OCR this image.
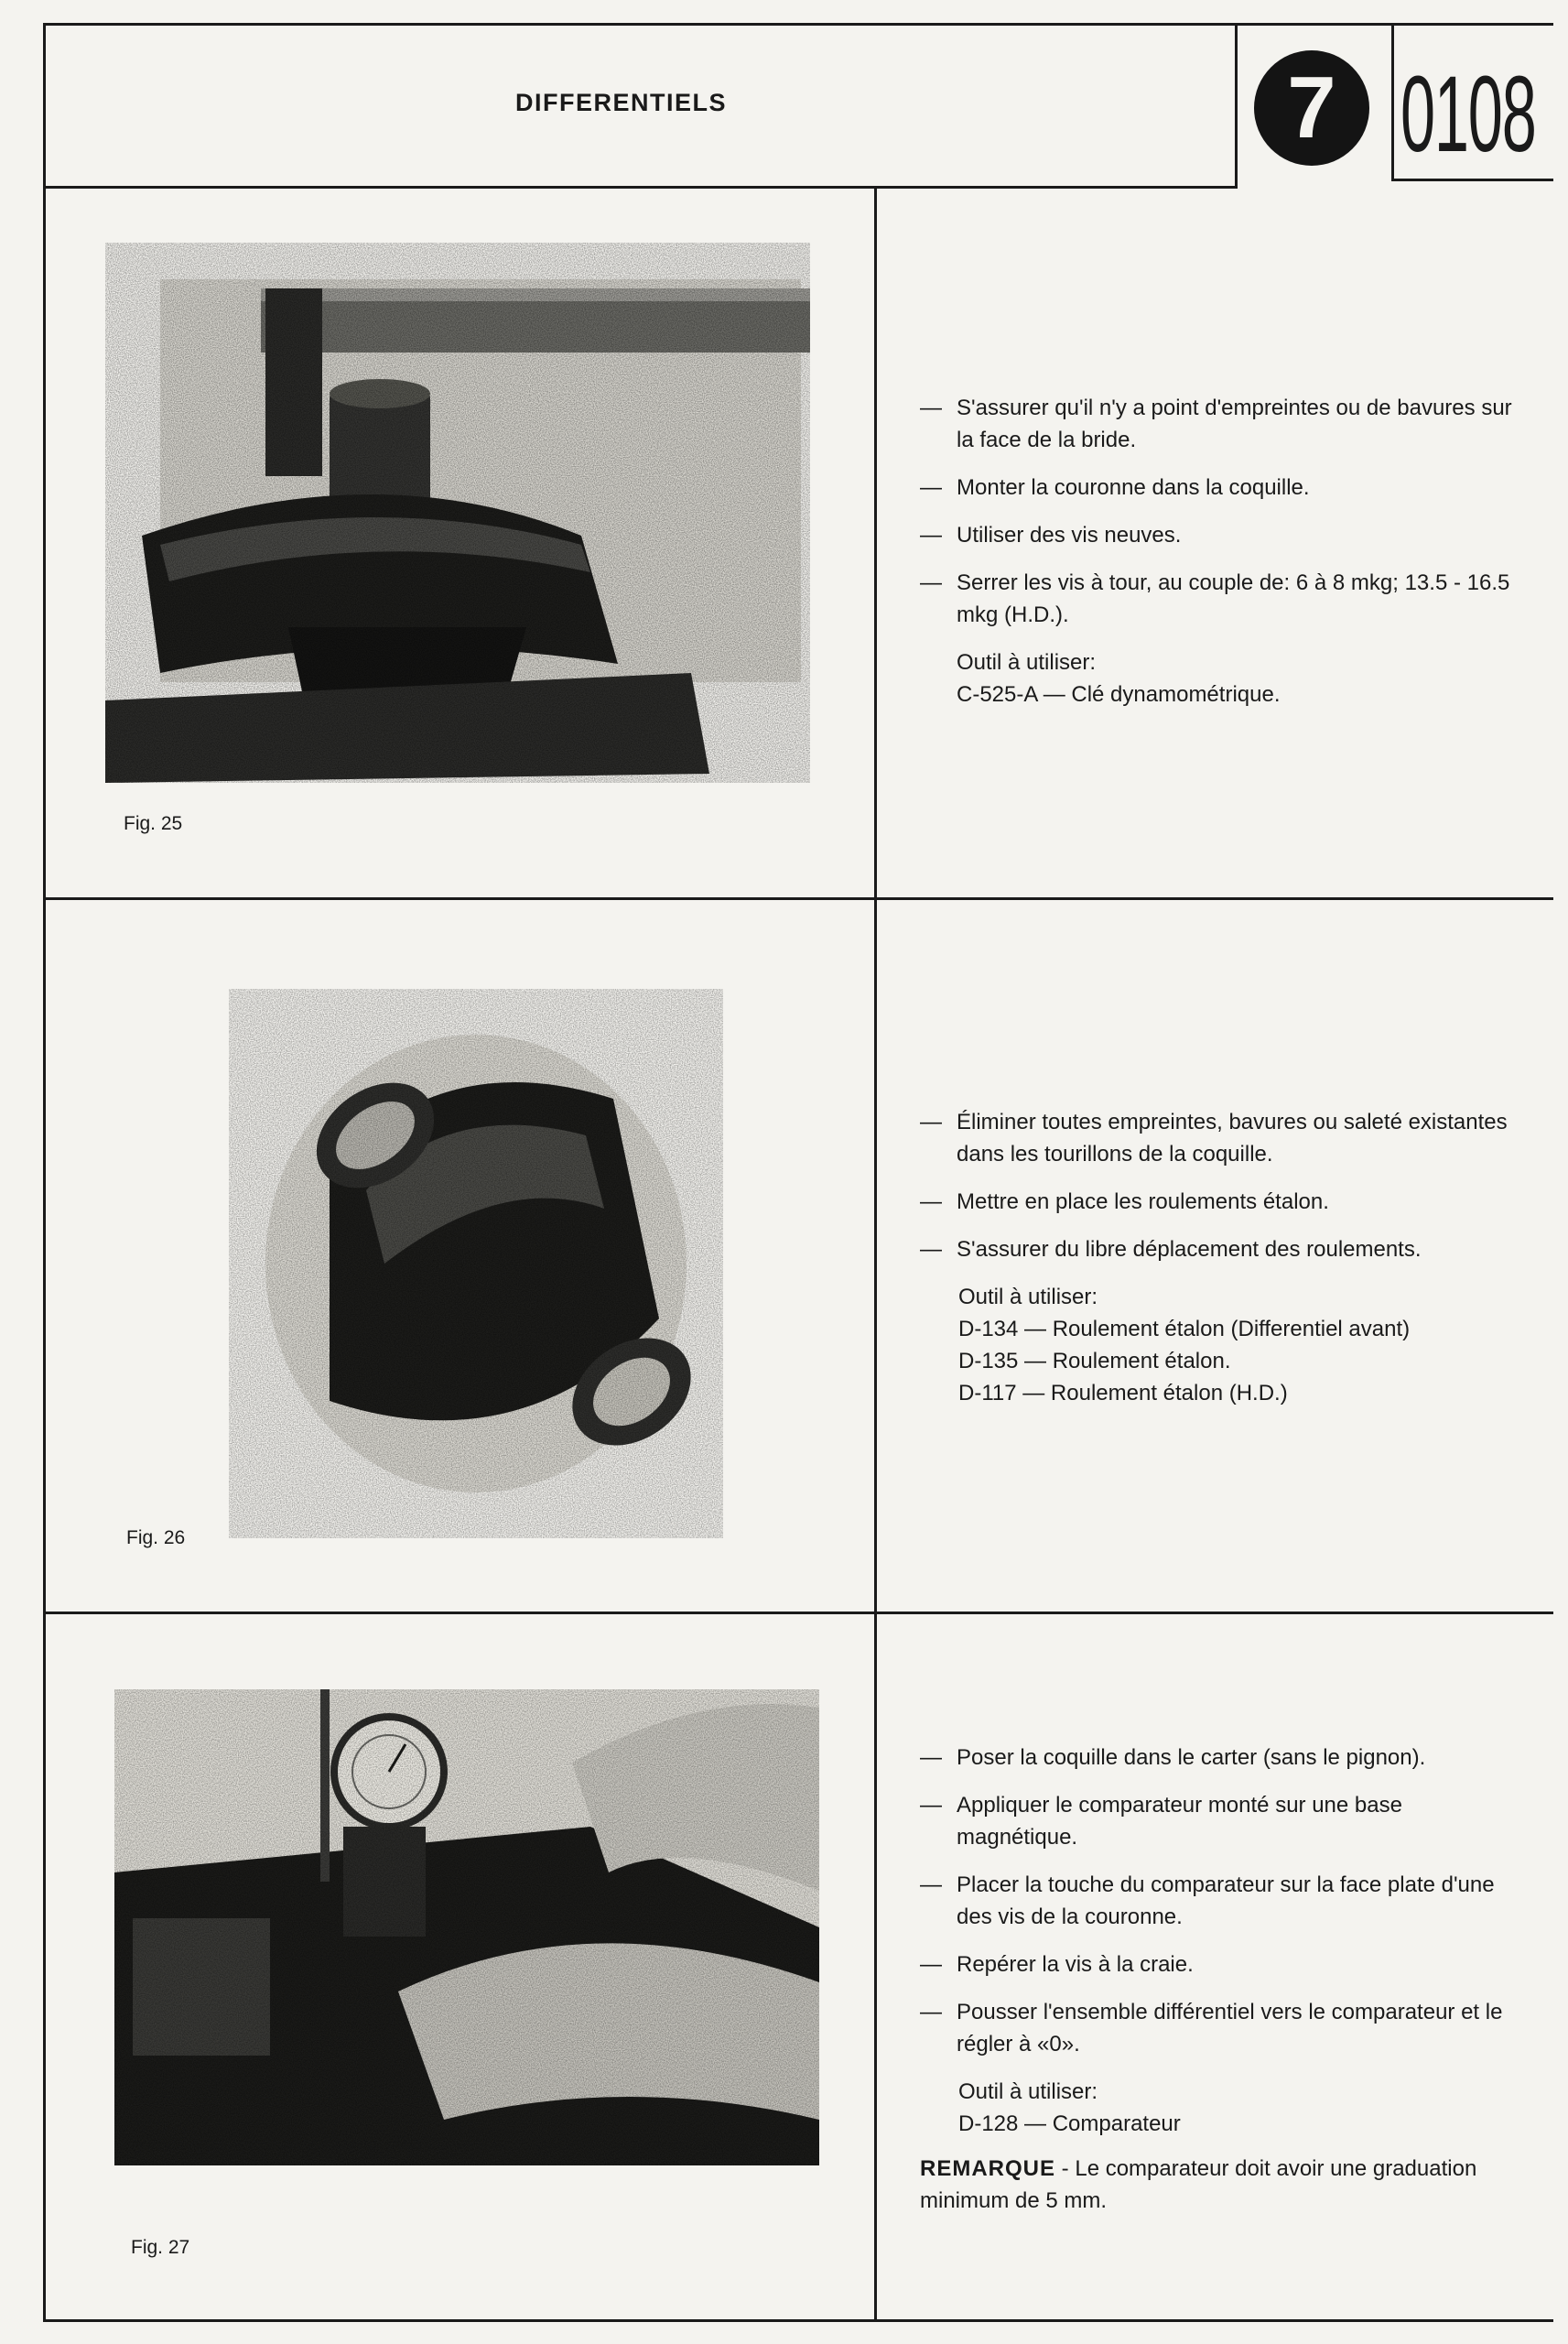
DIFFERENTIELS	7 0108
Fig. 25
Fig. 26
Fig. 27
— S'assurer qu'il n'y a point d'empreintes ou de bavures sur la face de la bride.
— Monter la couronne dans la coquille.
— Utiliser des vis neuves.
— Serrer les vis à tour, au couple de: 6 à 8 mkg; 13.5 - 16.5 mkg (H.D.).
Outil à utiliser:
C-525-A — Clé dynamométrique.
— Éliminer toutes empreintes, bavures ou saleté existantes dans les tourillons de la coquille.
— Mettre en place les roulements étalon.
— S'assurer du libre déplacement des roulements.
Outil à utiliser:
D-134 — Roulement étalon (Differentiel avant)
D-135 — Roulement étalon.
D-117 — Roulement étalon (H.D.)
— Poser la coquille dans le carter (sans le pignon).
— Appliquer le comparateur monté sur une base magnétique.
— Placer la touche du comparateur sur la face plate d'une des vis de la couronne.
— Repérer la vis à la craie.
— Pousser l'ensemble différentiel vers le comparateur et le régler à «0».
Outil à utiliser:
D-128 — Comparateur
REMARQUE - Le comparateur doit avoir une graduation minimum de 5 mm.
